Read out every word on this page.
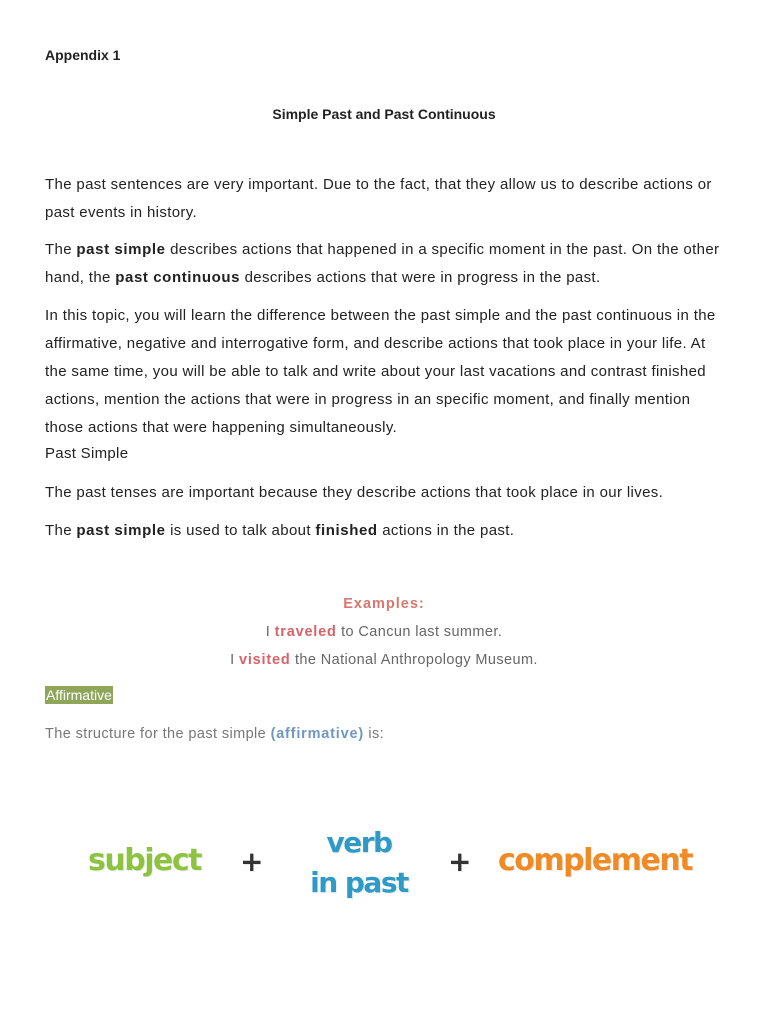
Appendix 1

Simple Past and Past Continuous

The past sentences are very important. Due to the fact, that they allow us to describe actions or past events in history.

The past simple describes actions that happened in a specific moment in the past. On the other hand, the past continuous describes actions that were in progress in the past.

In this topic, you will learn the difference between the past simple and the past continuous in the affirmative, negative and interrogative form, and describe actions that took place in your life. At the same time, you will be able to talk and write about your last vacations and contrast finished actions, mention the actions that were in progress in an specific moment, and finally mention those actions that were happening simultaneously.

Past Simple

The past tenses are important because they describe actions that took place in our lives.

The past simple is used to talk about finished actions in the past.

Examples:
I traveled to Cancun last summer.
I visited the National Anthropology Museum.

Affirmative

The structure for the past simple (affirmative) is:

subject +
verb
in past
+ complement
